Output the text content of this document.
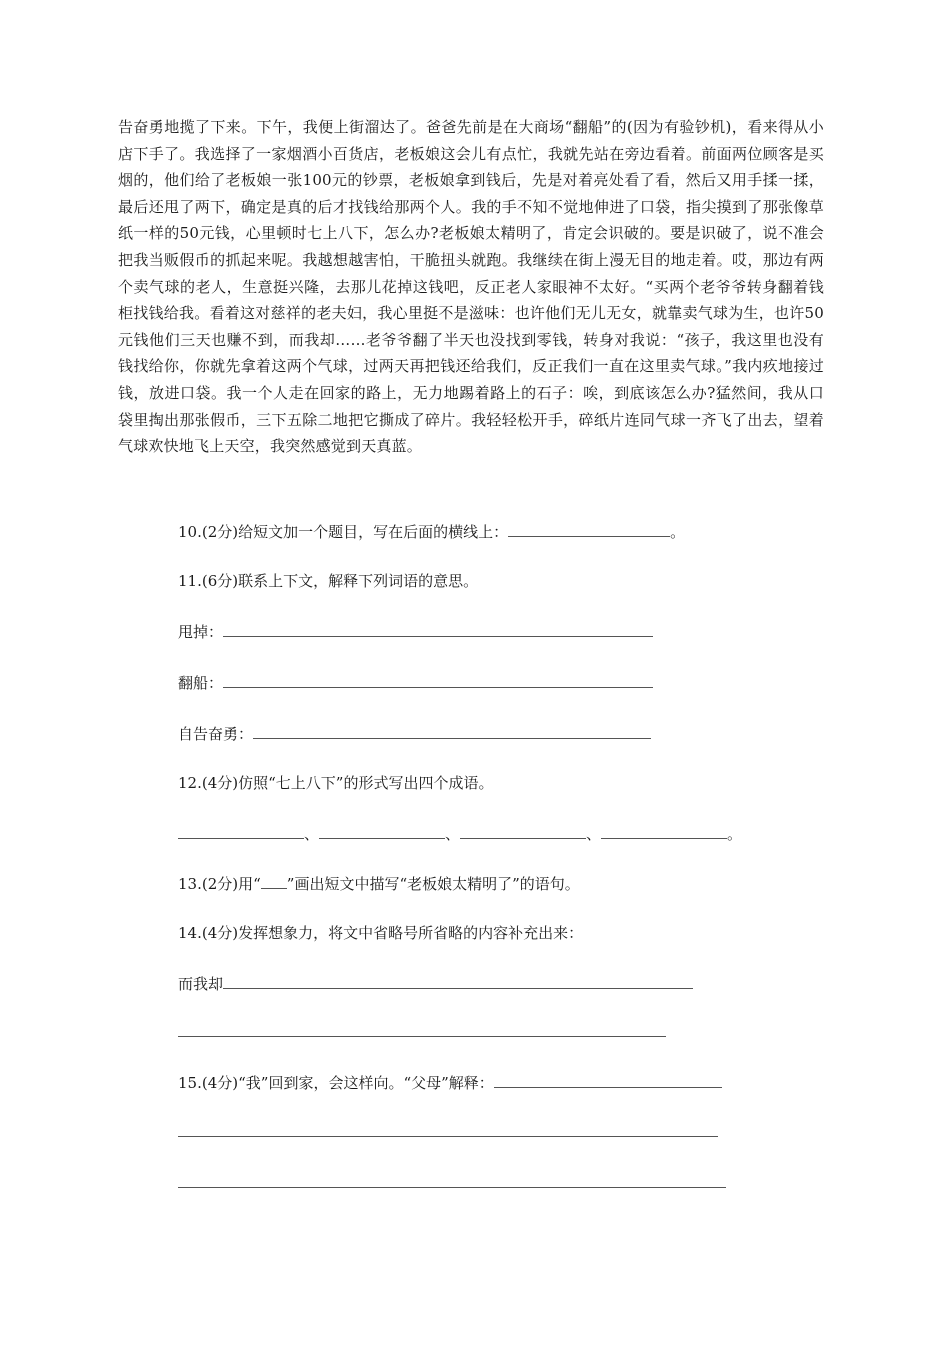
告奋勇地揽了下来。下午，我便上街溜达了。爸爸先前是在大商场“翻船”的(因为有验钞机)，看来得从小店下手了。我选择了一家烟酒小百货店，老板娘这会儿有点忙，我就先站在旁边看着。前面两位顾客是买烟的，他们给了老板娘一张100元的钞票，老板娘拿到钱后，先是对着亮处看了看，然后又用手揉一揉，最后还甩了两下，确定是真的后才找钱给那两个人。我的手不知不觉地伸进了口袋，指尖摸到了那张像草纸一样的50元钱，心里顿时七上八下，怎么办?老板娘太精明了，肯定会识破的。要是识破了，说不准会把我当贩假币的抓起来呢。我越想越害怕，干脆扭头就跑。我继续在街上漫无目的地走着。哎，那边有两个卖气球的老人，生意挺兴隆，去那儿花掉这钱吧，反正老人家眼神不太好。“买两个老爷爷转身翻着钱柜找钱给我。看着这对慈祥的老夫妇，我心里挺不是滋味：也许他们无儿无女，就靠卖气球为生，也许50元钱他们三天也赚不到，而我却……老爷爷翻了半天也没找到零钱，转身对我说：“孩子，我这里也没有钱找给你，你就先拿着这两个气球，过两天再把钱还给我们，反正我们一直在这里卖气球。”我内疚地接过钱，放进口袋。我一个人走在回家的路上，无力地踢着路上的石子：唉，到底该怎么办?猛然间，我从口袋里掏出那张假币，三下五除二地把它撕成了碎片。我轻轻松开手，碎纸片连同气球一齐飞了出去，望着气球欢快地飞上天空，我突然感觉到天真蓝。
10.(2分)给短文加一个题目，写在后面的横线上：	。
11.(6分)联系上下文，解释下列词语的意思。
甩掉：
翻船：
自告奋勇：
12.(4分)仿照“七上八下”的形式写出四个成语。
、	、	、	。
13.(2分)用“ ”画出短文中描写“老板娘太精明了”的语句。
14.(4分)发挥想象力，将文中省略号所省略的内容补充出来：
而我却
15.(4分)“我”回到家，会这样向。“父母”解释：
